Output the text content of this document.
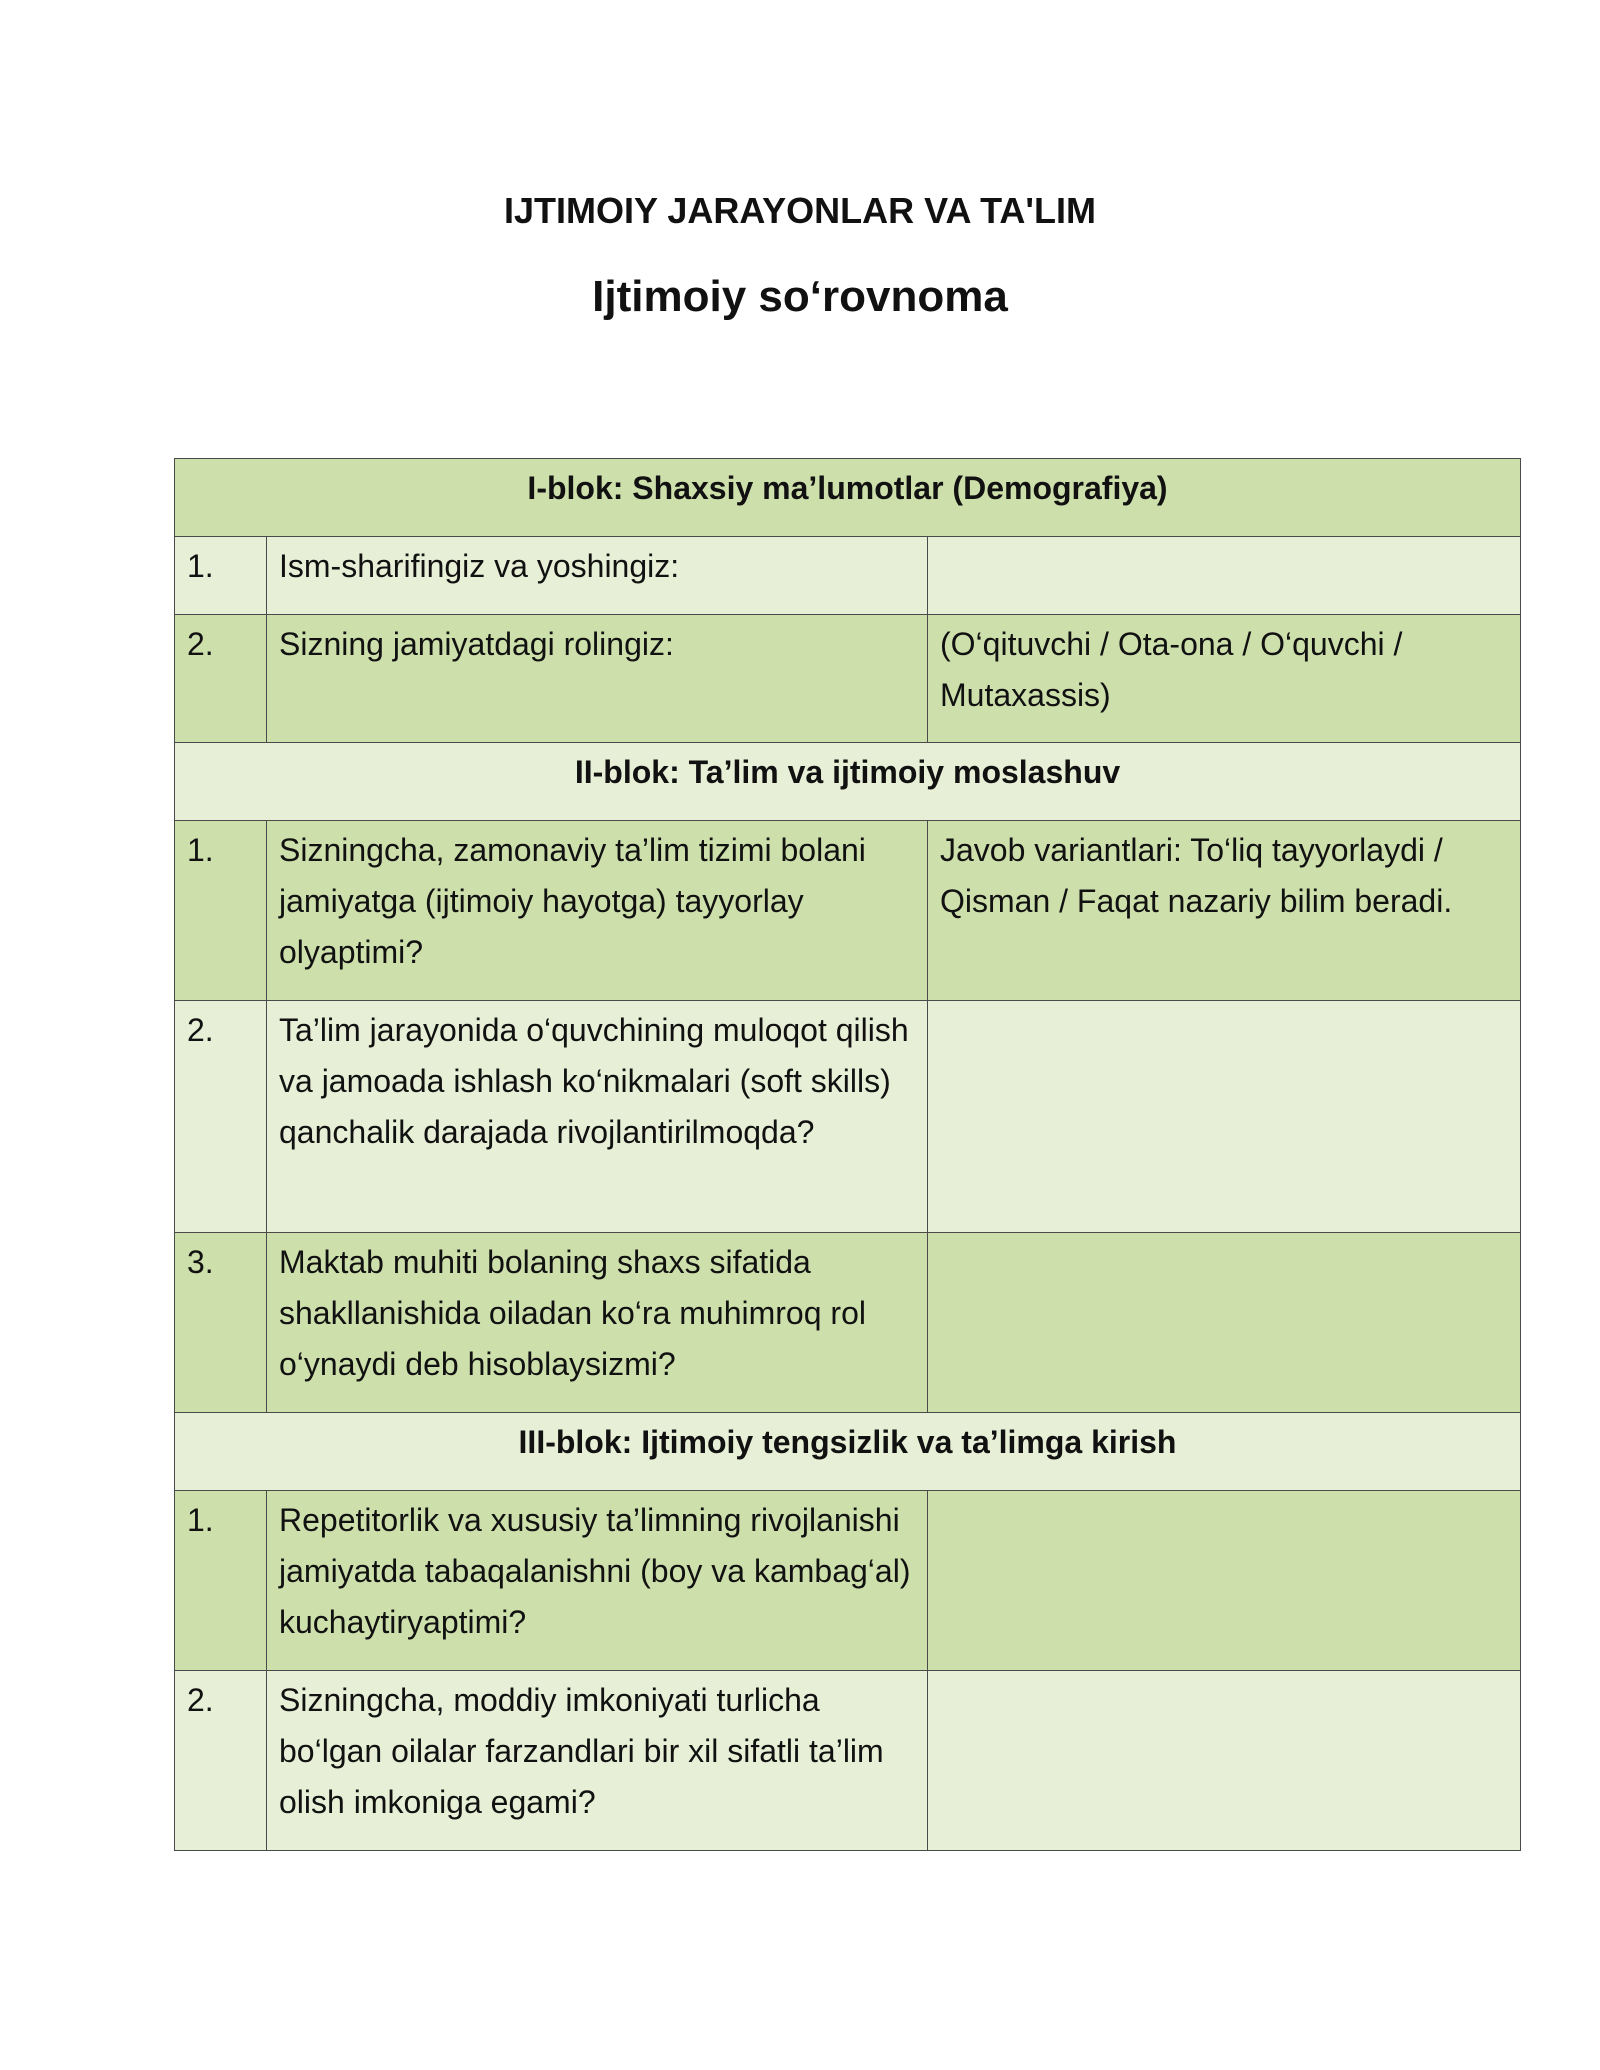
IJTIMOIY JARAYONLAR VA TA'LIM
Ijtimoiy so‘rovnoma
I-blok: Shaxsiy ma’lumotlar (Demografiya)		
1.	Ism-sharifingiz va yoshingiz:	
2.	Sizning jamiyatdagi rolingiz:	(O‘qituvchi / Ota-ona / O‘quvchi / Mutaxassis)
II-blok: Ta’lim va ijtimoiy moslashuv		
1.	Sizningcha, zamonaviy ta’lim tizimi bolani jamiyatga (ijtimoiy hayotga) tayyorlay olyaptimi?	Javob variantlari: To‘liq tayyorlaydi / Qisman / Faqat nazariy bilim beradi.
2.	Ta’lim jarayonida o‘quvchining muloqot qilish va jamoada ishlash ko‘nikmalari (soft skills) qanchalik darajada rivojlantirilmoqda?	
3.	Maktab muhiti bolaning shaxs sifatida shakllanishida oiladan ko‘ra muhimroq rol o‘ynaydi deb hisoblaysizmi?	
III-blok: Ijtimoiy tengsizlik va ta’limga kirish		
1.	Repetitorlik va xususiy ta’limning rivojlanishi jamiyatda tabaqalanishni (boy va kambag‘al) kuchaytiryaptimi?	
2.	Sizningcha, moddiy imkoniyati turlicha bo‘lgan oilalar farzandlari bir xil sifatli ta’lim olish imkoniga egami?	
